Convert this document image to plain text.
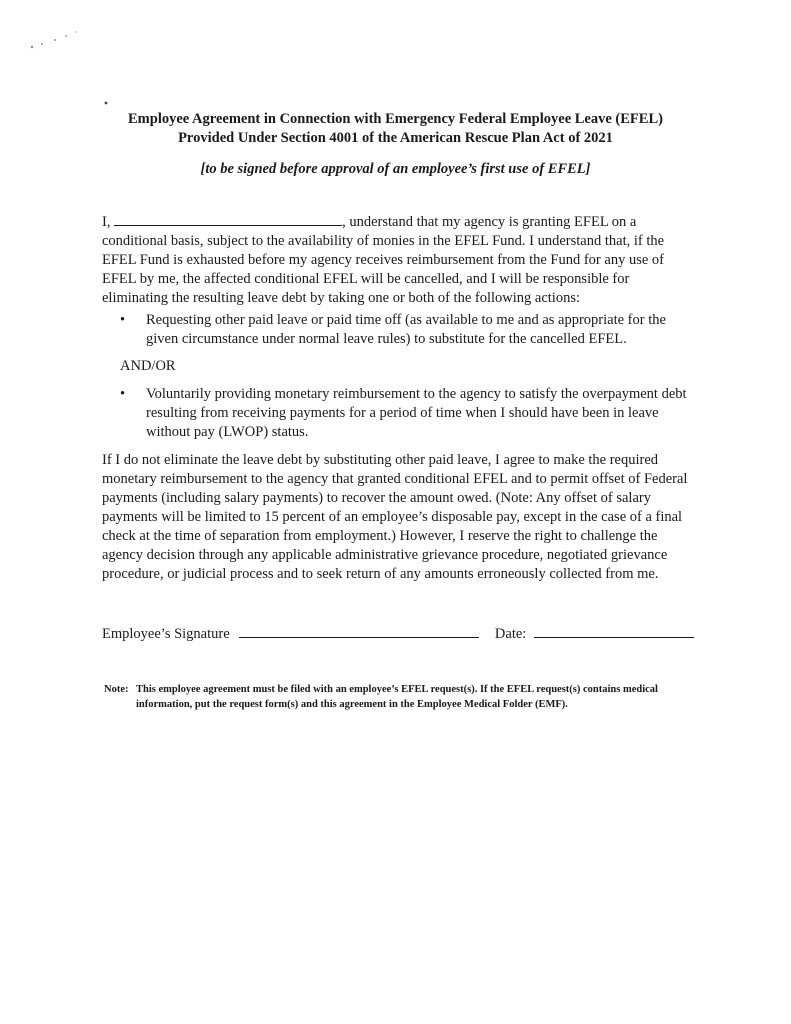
Employee Agreement in Connection with Emergency Federal Employee Leave (EFEL)
Provided Under Section 4001 of the American Rescue Plan Act of 2021
[to be signed before approval of an employee’s first use of EFEL]
I,	, understand that my agency is granting EFEL on a conditional basis, subject to the availability of monies in the EFEL Fund. I understand that, if the EFEL Fund is exhausted before my agency receives reimbursement from the Fund for any use of EFEL by me, the affected conditional EFEL will be cancelled, and I will be responsible for eliminating the resulting leave debt by taking one or both of the following actions:
• Requesting other paid leave or paid time off (as available to me and as appropriate for the given circumstance under normal leave rules) to substitute for the cancelled EFEL.
AND/OR
• Voluntarily providing monetary reimbursement to the agency to satisfy the overpayment debt resulting from receiving payments for a period of time when I should have been in leave without pay (LWOP) status.
If I do not eliminate the leave debt by substituting other paid leave, I agree to make the required monetary reimbursement to the agency that granted conditional EFEL and to permit offset of Federal payments (including salary payments) to recover the amount owed. (Note: Any offset of salary payments will be limited to 15 percent of an employee’s disposable pay, except in the case of a final check at the time of separation from employment.) However, I reserve the right to challenge the agency decision through any applicable administrative grievance procedure, negotiated grievance procedure, or judicial process and to seek return of any amounts erroneously collected from me.
Employee’s Signature	Date:
Note: This employee agreement must be filed with an employee’s EFEL request(s). If the EFEL request(s) contains medical information, put the request form(s) and this agreement in the Employee Medical Folder (EMF).
